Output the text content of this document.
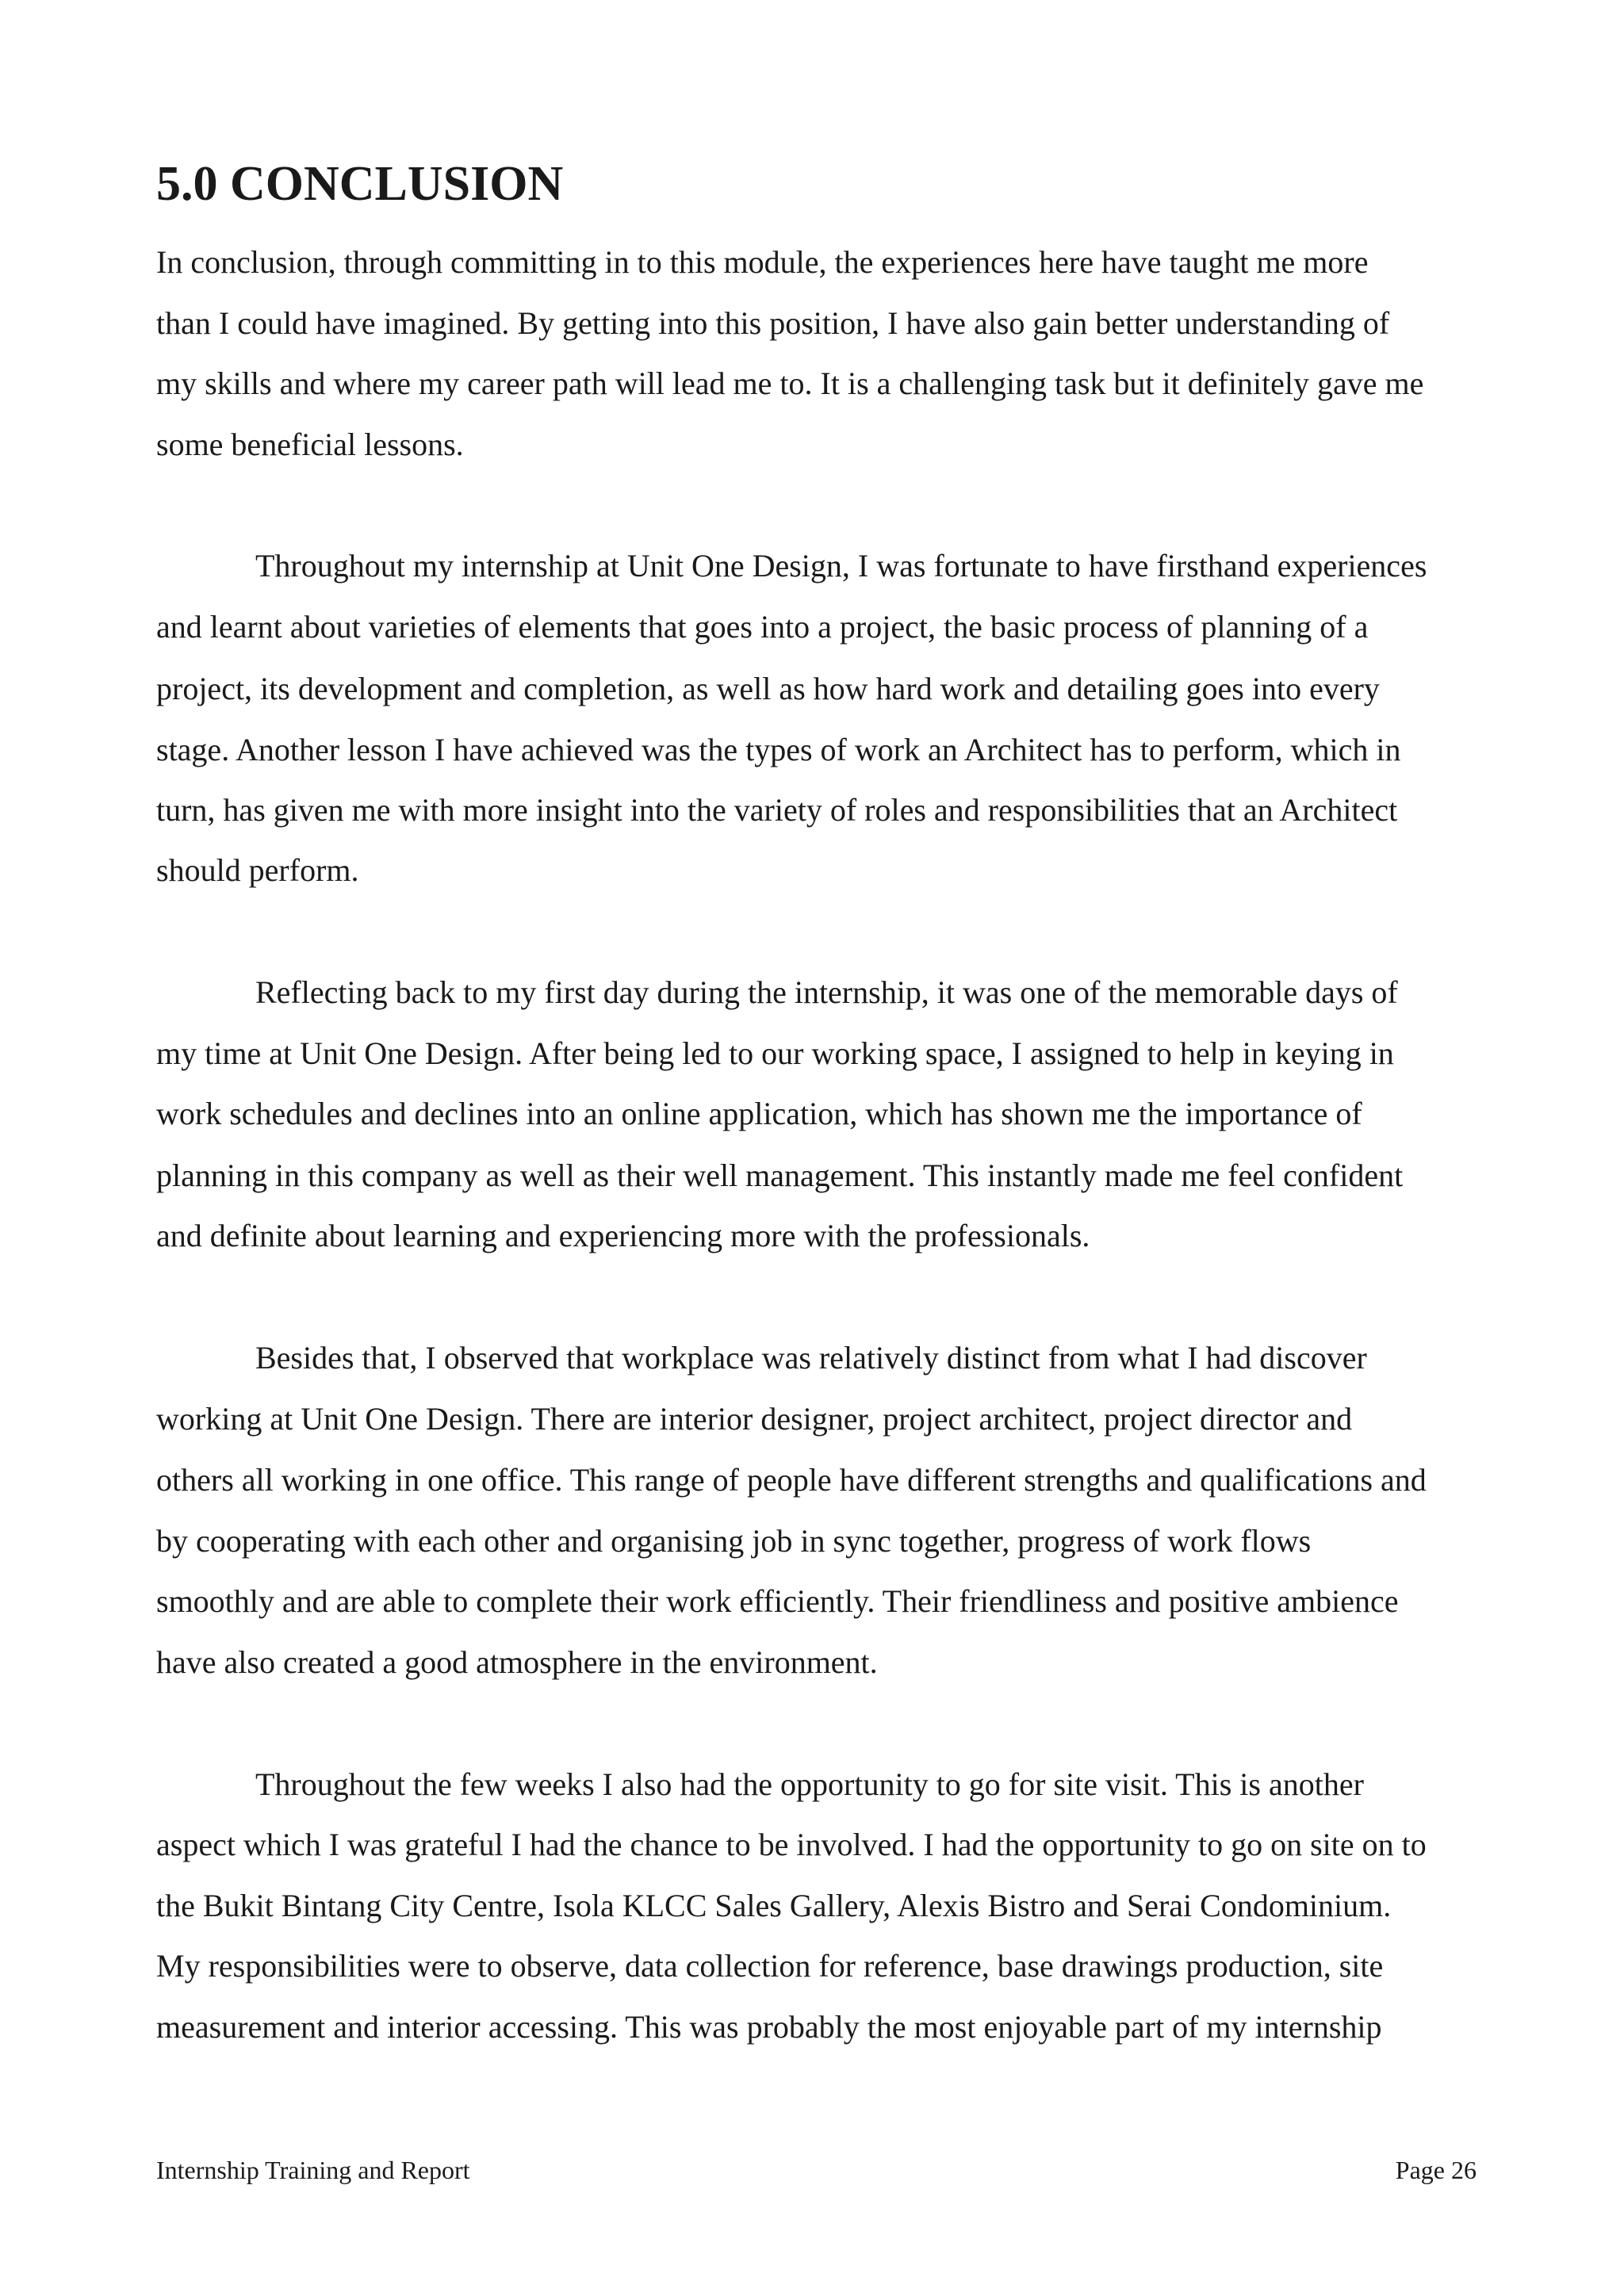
5.0 CONCLUSION
In conclusion, through committing in to this module, the experiences here have taught me more
than I could have imagined. By getting into this position, I have also gain better understanding of
my skills and where my career path will lead me to. It is a challenging task but it definitely gave me
some beneficial lessons.
Throughout my internship at Unit One Design, I was fortunate to have firsthand experiences
and learnt about varieties of elements that goes into a project, the basic process of planning of a
project, its development and completion, as well as how hard work and detailing goes into every
stage. Another lesson I have achieved was the types of work an Architect has to perform, which in
turn, has given me with more insight into the variety of roles and responsibilities that an Architect
should perform.
Reflecting back to my first day during the internship, it was one of the memorable days of
my time at Unit One Design. After being led to our working space, I assigned to help in keying in
work schedules and declines into an online application, which has shown me the importance of
planning in this company as well as their well management. This instantly made me feel confident
and definite about learning and experiencing more with the professionals.
Besides that, I observed that workplace was relatively distinct from what I had discover
working at Unit One Design. There are interior designer, project architect, project director and
others all working in one office. This range of people have different strengths and qualifications and
by cooperating with each other and organising job in sync together, progress of work flows
smoothly and are able to complete their work efficiently. Their friendliness and positive ambience
have also created a good atmosphere in the environment.
Throughout the few weeks I also had the opportunity to go for site visit. This is another
aspect which I was grateful I had the chance to be involved. I had the opportunity to go on site on to
the Bukit Bintang City Centre, Isola KLCC Sales Gallery, Alexis Bistro and Serai Condominium.
My responsibilities were to observe, data collection for reference, base drawings production, site
measurement and interior accessing. This was probably the most enjoyable part of my internship
Internship Training and Report	Page 26
